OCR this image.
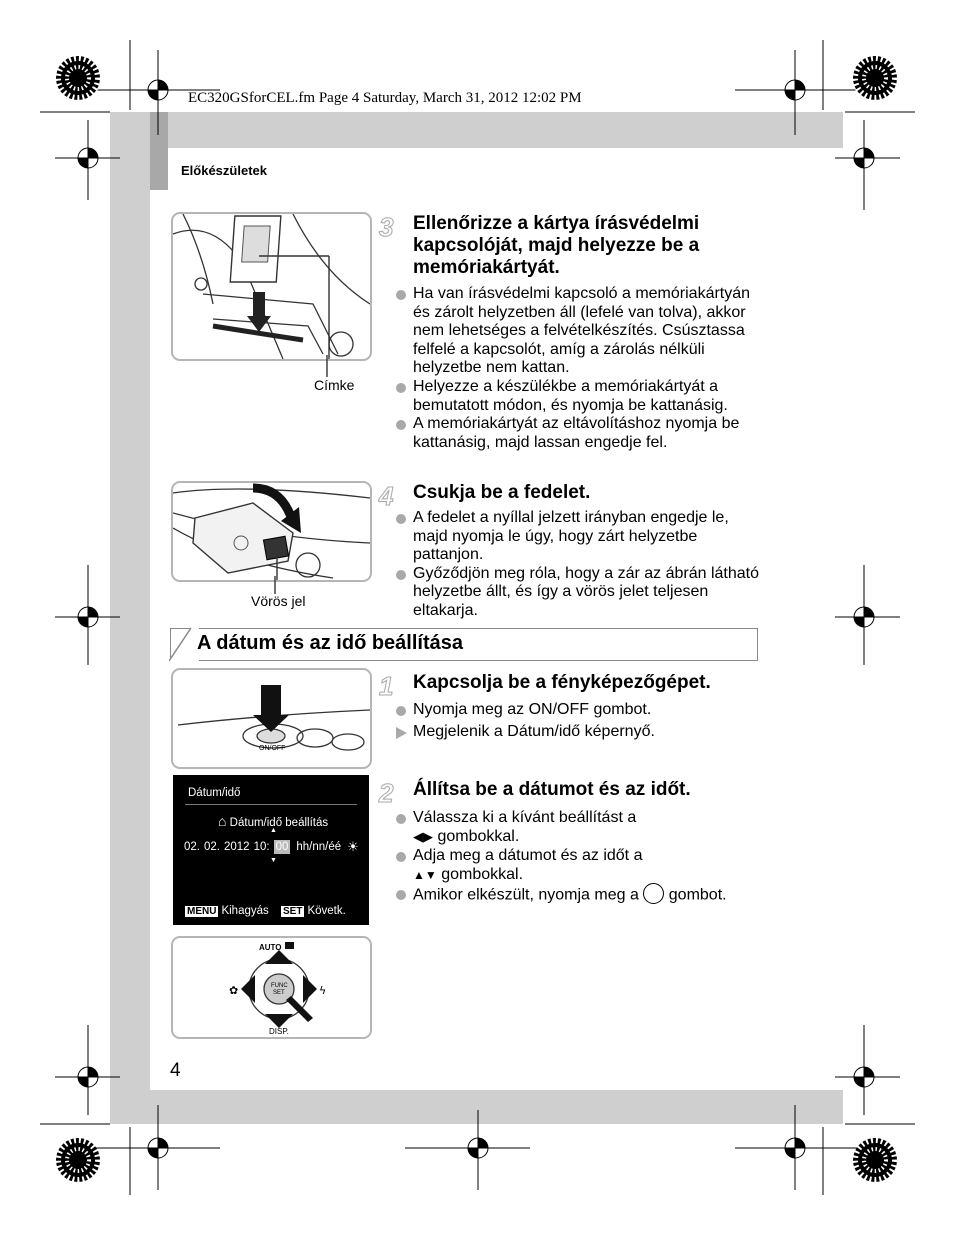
EC320GSforCEL.fm Page 4 Saturday, March 31, 2012 12:02 PM
Előkészületek
Címke
3 Ellenőrizze a kártya írásvédelmi kapcsolóját, majd helyezze be a memóriakártyát.
Ha van írásvédelmi kapcsoló a memóriakártyán és zárolt helyzetben áll (lefelé van tolva), akkor nem lehetséges a felvételkészítés. Csúsztassa felfelé a kapcsolót, amíg a zárolás nélküli helyzetbe nem kattan.
Helyezze a készülékbe a memóriakártyát a bemutatott módon, és nyomja be kattanásig.
A memóriakártyát az eltávolításhoz nyomja be kattanásig, majd lassan engedje fel.
Vörös jel
4 Csukja be a fedelet.
A fedelet a nyíllal jelzett irányban engedje le, majd nyomja le úgy, hogy zárt helyzetbe pattanjon.
Győződjön meg róla, hogy a zár az ábrán látható helyzetbe állt, és így a vörös jelet teljesen eltakarja.
A dátum és az idő beállítása
ON/OFF
1 Kapcsolja be a fényképezőgépet.
Nyomja meg az ON/OFF gombot.
Megjelenik a Dátum/idő képernyő.
Dátum/idő
⌂ Dátum/idő beállítás
▲
02. 02. 2012 10: 00 hh/nn/éé ☀
▼
MENU Kihagyás SET Követk.
2 Állítsa be a dátumot és az időt.
Válassza ki a kívánt beállítást a
◀▶ gombokkal.
Adja meg a dátumot és az időt a
▲▼ gombokkal.
Amikor elkészült, nyomja meg a gombot.
FUNC
SET
AUTO
DISP.
✿	ϟ
4
